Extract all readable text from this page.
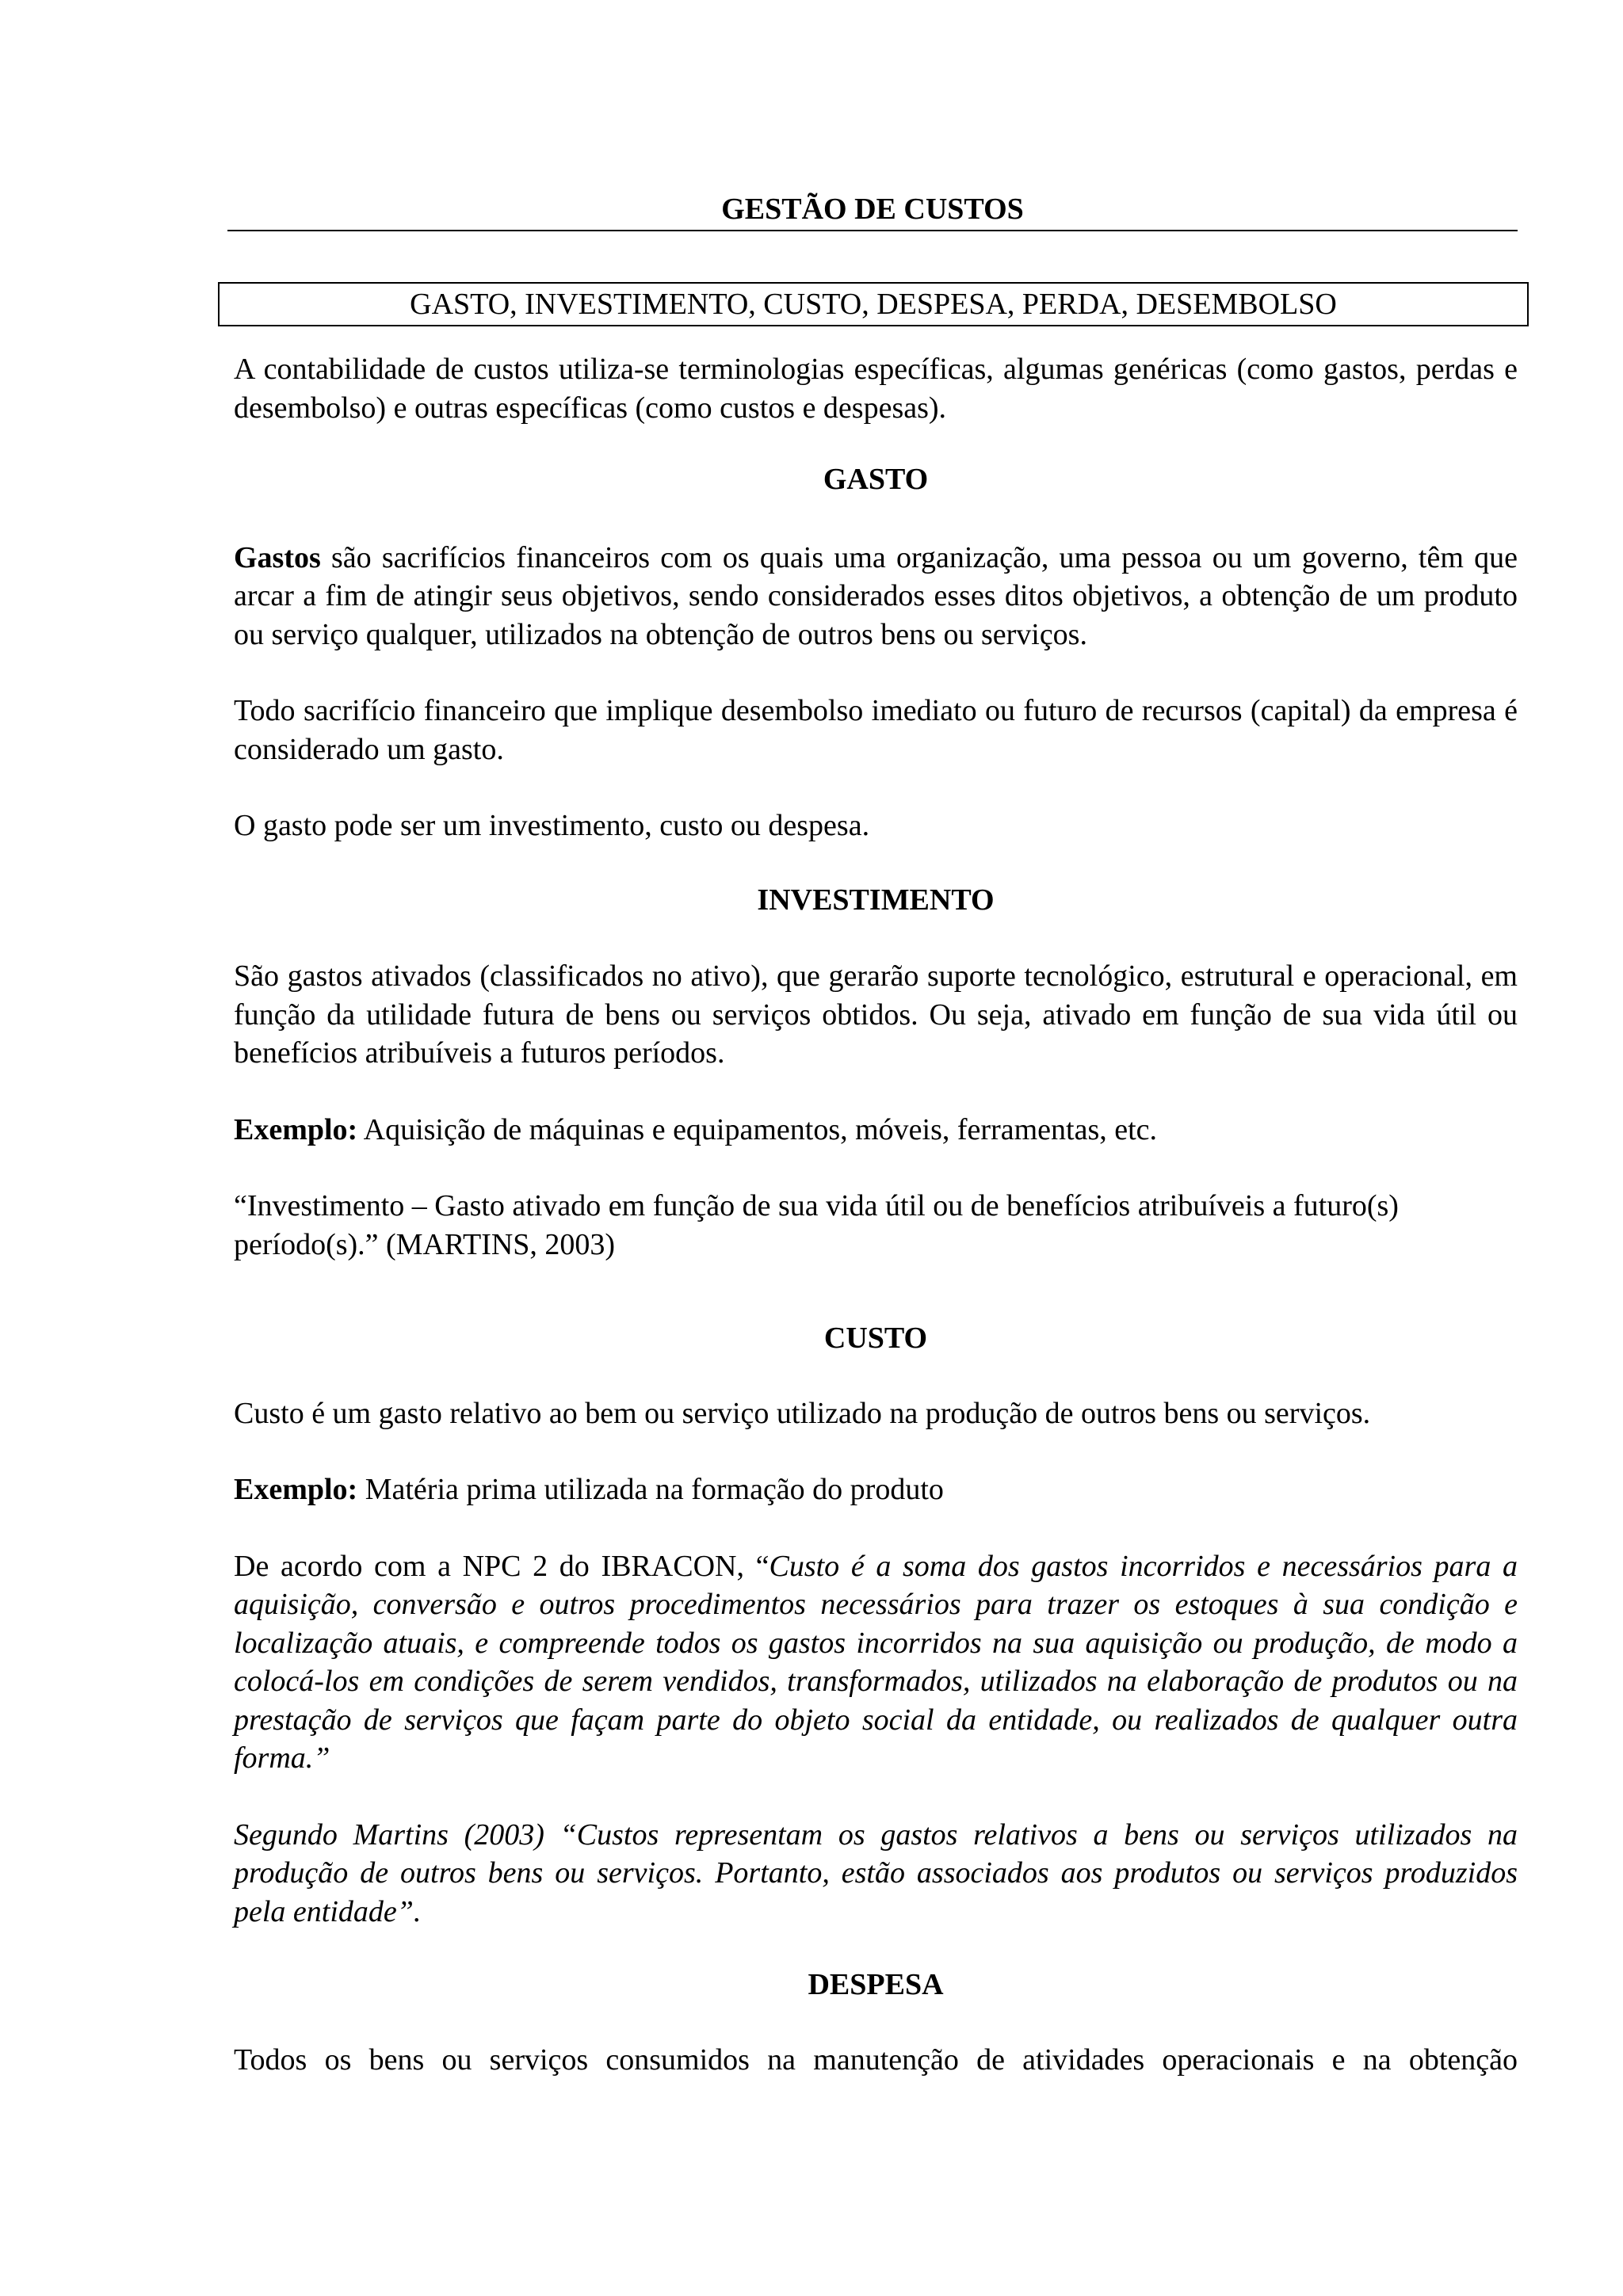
GESTÃO DE CUSTOS
GASTO, INVESTIMENTO, CUSTO, DESPESA, PERDA, DESEMBOLSO

A contabilidade de custos utiliza-se terminologias específicas, algumas genéricas (como gastos, perdas e desembolso) e outras específicas (como custos e despesas).

GASTO

Gastos são sacrifícios financeiros com os quais uma organização, uma pessoa ou um governo, têm que arcar a fim de atingir seus objetivos, sendo considerados esses ditos objetivos, a obtenção de um produto ou serviço qualquer, utilizados na obtenção de outros bens ou serviços.

Todo sacrifício financeiro que implique desembolso imediato ou futuro de recursos (capital) da empresa é considerado um gasto.

O gasto pode ser um investimento, custo ou despesa.

INVESTIMENTO

São gastos ativados (classificados no ativo), que gerarão suporte tecnológico, estrutural e operacional, em função da utilidade futura de bens ou serviços obtidos. Ou seja, ativado em função de sua vida útil ou benefícios atribuíveis a futuros períodos.

Exemplo: Aquisição de máquinas e equipamentos, móveis, ferramentas, etc.

“Investimento – Gasto ativado em função de sua vida útil ou de benefícios atribuíveis a futuro(s) período(s).” (MARTINS, 2003)

CUSTO

Custo é um gasto relativo ao bem ou serviço utilizado na produção de outros bens ou serviços.

Exemplo: Matéria prima utilizada na formação do produto

De acordo com a NPC 2 do IBRACON, “Custo é a soma dos gastos incorridos e necessários para a aquisição, conversão e outros procedimentos necessários para trazer os estoques à sua condição e localização atuais, e compreende todos os gastos incorridos na sua aquisição ou produção, de modo a colocá-los em condições de serem vendidos, transformados, utilizados na elaboração de produtos ou na prestação de serviços que façam parte do objeto social da entidade, ou realizados de qualquer outra forma.”

Segundo Martins (2003) “Custos representam os gastos relativos a bens ou serviços utilizados na produção de outros bens ou serviços. Portanto, estão associados aos produtos ou serviços produzidos pela entidade”.

DESPESA

Todos os bens ou serviços consumidos na manutenção de atividades operacionais e na obtenção
